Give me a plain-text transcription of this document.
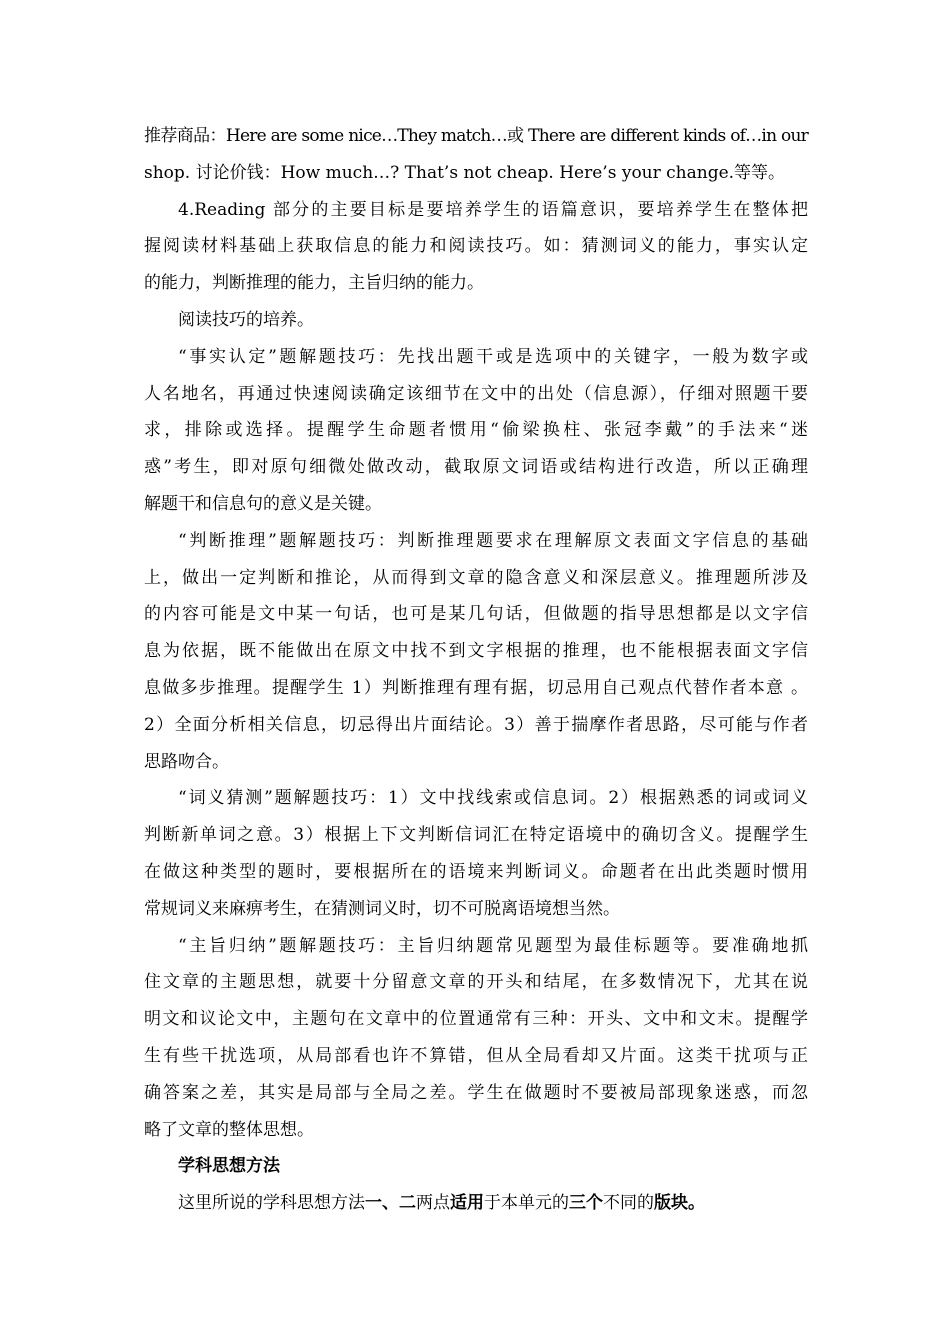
推荐商品：Here are some nice…They match…或 There are different kinds of…in our
shop. 讨论价钱：How much…? That’s not cheap. Here’s your change.等等。
4.Reading 部分的主要目标是要培养学生的语篇意识，要培养学生在整体把
握阅读材料基础上获取信息的能力和阅读技巧。如：猜测词义的能力，事实认定
的能力，判断推理的能力，主旨归纳的能力。
阅读技巧的培养。
“事实认定”题解题技巧：先找出题干或是选项中的关键字，一般为数字或
人名地名，再通过快速阅读确定该细节在文中的出处（信息源），仔细对照题干要
求，排除或选择。提醒学生命题者惯用“偷梁换柱、张冠李戴”的手法来“迷
惑”考生，即对原句细微处做改动，截取原文词语或结构进行改造，所以正确理
解题干和信息句的意义是关键。
“判断推理”题解题技巧：判断推理题要求在理解原文表面文字信息的基础
上，做出一定判断和推论，从而得到文章的隐含意义和深层意义。推理题所涉及
的内容可能是文中某一句话，也可是某几句话，但做题的指导思想都是以文字信
息为依据，既不能做出在原文中找不到文字根据的推理，也不能根据表面文字信
息做多步推理。提醒学生 1）判断推理有理有据，切忌用自己观点代替作者本意 。
2）全面分析相关信息，切忌得出片面结论。3）善于揣摩作者思路，尽可能与作者
思路吻合。
“词义猜测”题解题技巧：1）文中找线索或信息词。2）根据熟悉的词或词义
判断新单词之意。3）根据上下文判断信词汇在特定语境中的确切含义。提醒学生
在做这种类型的题时，要根据所在的语境来判断词义。命题者在出此类题时惯用
常规词义来麻痹考生，在猜测词义时，切不可脱离语境想当然。
“主旨归纳”题解题技巧：主旨归纳题常见题型为最佳标题等。要准确地抓
住文章的主题思想，就要十分留意文章的开头和结尾，在多数情况下，尤其在说
明文和议论文中，主题句在文章中的位置通常有三种：开头、文中和文末。提醒学
生有些干扰选项，从局部看也许不算错，但从全局看却又片面。这类干扰项与正
确答案之差，其实是局部与全局之差。学生在做题时不要被局部现象迷惑，而忽
略了文章的整体思想。
学科思想方法
这里所说的学科思想方法一、二两点适用于本单元的三个不同的版块。
